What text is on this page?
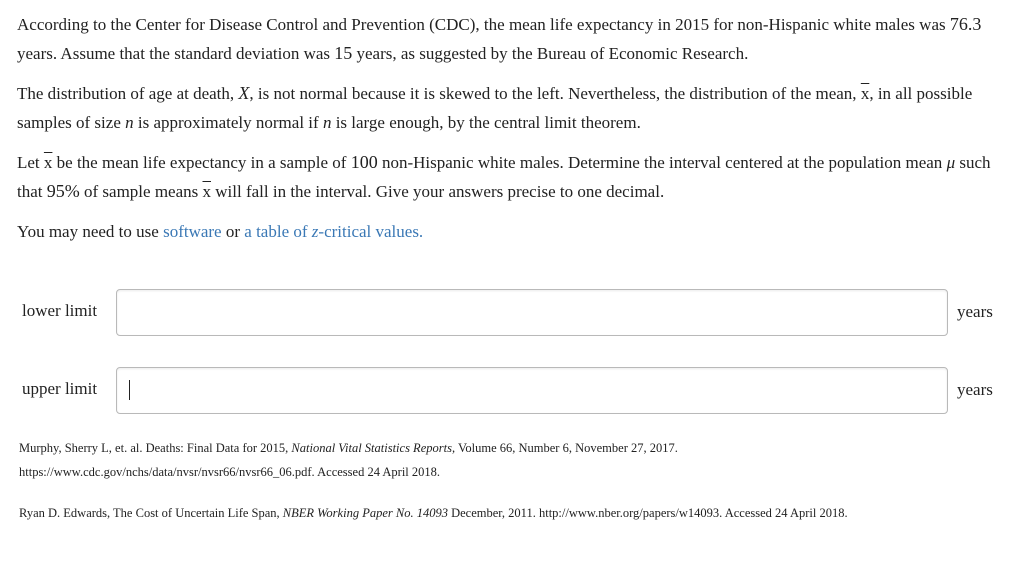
According to the Center for Disease Control and Prevention (CDC), the mean life expectancy in 2015 for non-Hispanic white males was 76.3 years. Assume that the standard deviation was 15 years, as suggested by the Bureau of Economic Research.

The distribution of age at death, X, is not normal because it is skewed to the left. Nevertheless, the distribution of the mean, $\overline{x}$, in all possible samples of size n is approximately normal if n is large enough, by the central limit theorem.

Let $\overline{x}$ be the mean life expectancy in a sample of 100 non-Hispanic white males. Determine the interval centered at the population mean μ such that 95% of sample means $\overline{x}$ will fall in the interval. Give your answers precise to one decimal.

You may need to use software or a table of z-critical values.

lower limit	years
upper limit	years
Murphy, Sherry L, et. al. Deaths: Final Data for 2015, National Vital Statistics Reports, Volume 66, Number 6, November 27, 2017.
https://www.cdc.gov/nchs/data/nvsr/nvsr66/nvsr66_06.pdf. Accessed 24 April 2018.
Ryan D. Edwards, The Cost of Uncertain Life Span, NBER Working Paper No. 14093 December, 2011. http://www.nber.org/papers/w14093. Accessed 24 April 2018.
